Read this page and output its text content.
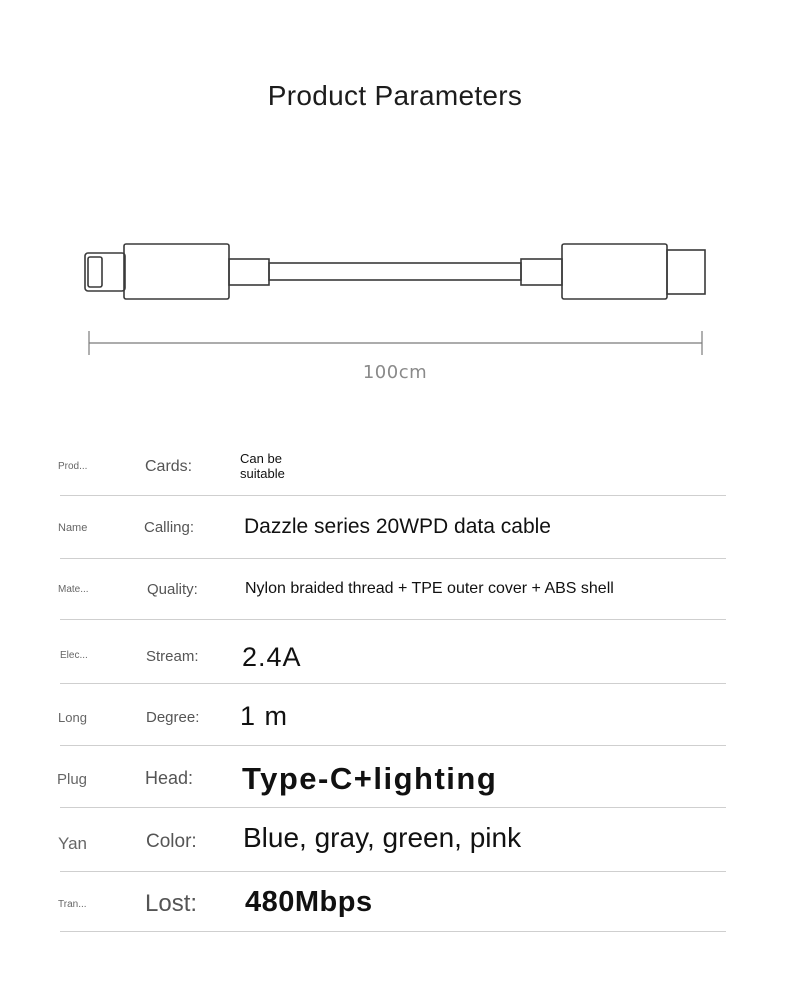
Product Parameters
100cm
Prod...	Cards:	Can be
suitable
Name	Calling: Dazzle series 20WPD data cable
Mate...	Quality:	Nylon braided thread + TPE outer cover + ABS shell
Elec...	Stream: 2.4A
Long	Degree: 1 m
Plug	Head: Type-C+lighting
Yan	Color: Blue, gray, green, pink
Tran... Lost: 480Mbps
